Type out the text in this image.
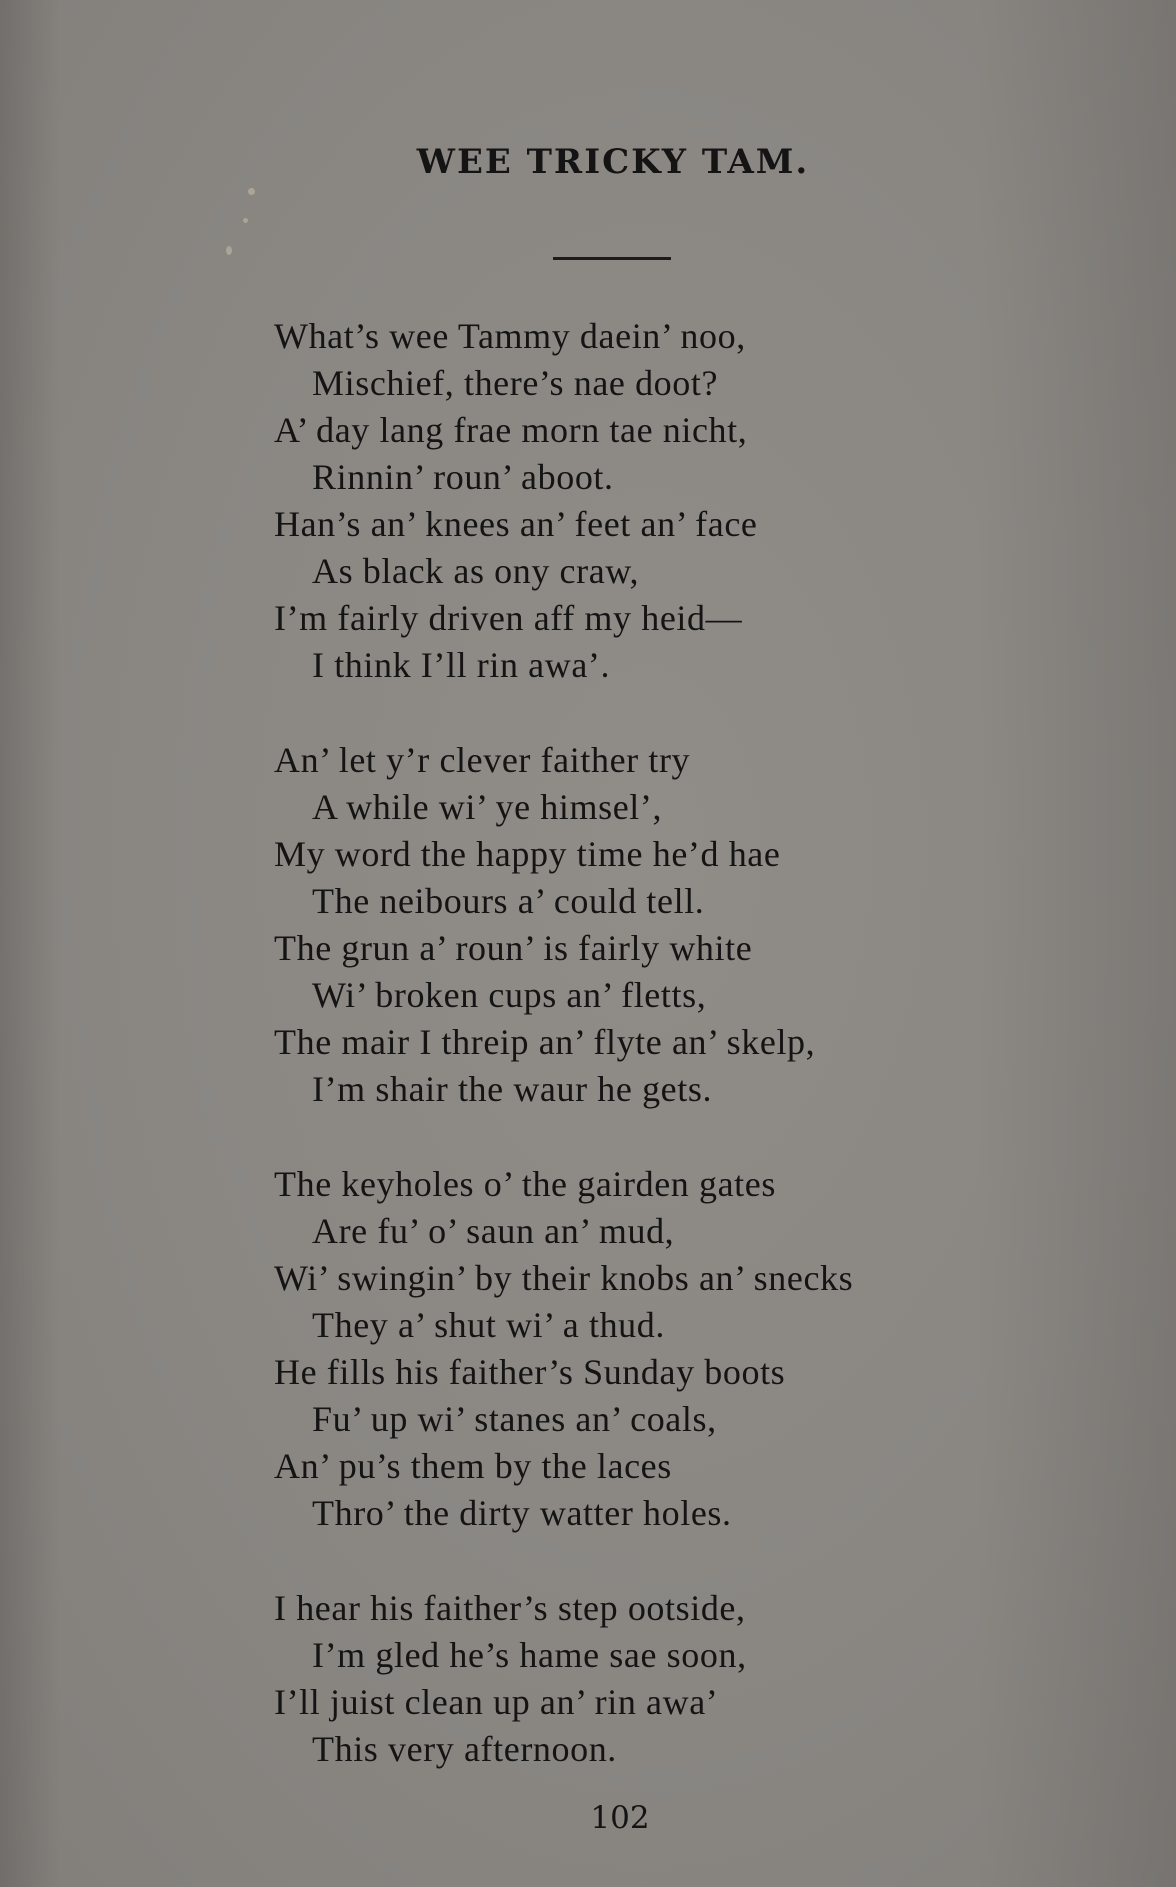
WEE TRICKY TAM.
What’s wee Tammy daein’ noo,
Mischief, there’s nae doot?
A’ day lang frae morn tae nicht,
Rinnin’ roun’ aboot.
Han’s an’ knees an’ feet an’ face
As black as ony craw,
I’m fairly driven aff my heid—
I think I’ll rin awa’.
An’ let y’r clever faither try
A while wi’ ye himsel’,
My word the happy time he’d hae
The neibours a’ could tell.
The grun a’ roun’ is fairly white
Wi’ broken cups an’ fletts,
The mair I threip an’ flyte an’ skelp,
I’m shair the waur he gets.
The keyholes o’ the gairden gates
Are fu’ o’ saun an’ mud,
Wi’ swingin’ by their knobs an’ snecks
They a’ shut wi’ a thud.
He fills his faither’s Sunday boots
Fu’ up wi’ stanes an’ coals,
An’ pu’s them by the laces
Thro’ the dirty watter holes.
I hear his faither’s step ootside,
I’m gled he’s hame sae soon,
I’ll juist clean up an’ rin awa’
This very afternoon.
102
